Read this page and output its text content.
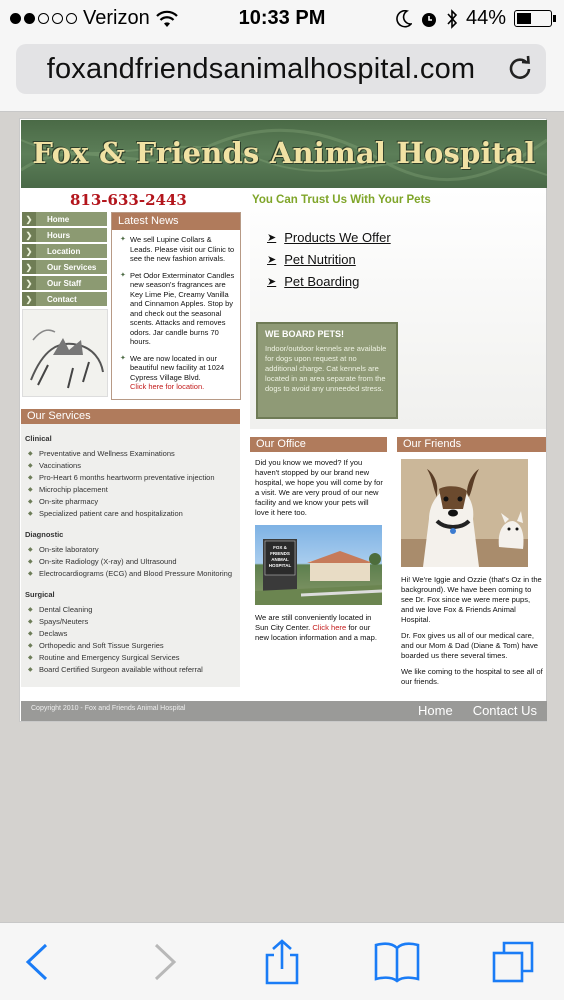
Verizon	10:33 PM	44%
foxandfriendsanimalhospital.com
Fox & Friends Animal Hospital
813-633-2443
❯	Home
❯	Hours
❯	Location
❯	Our Services
❯	Our Staff
❯	Contact
Latest News
✦ We sell Lupine Collars & Leads. Please visit our Clinic to see the new fashion arrivals.
✦ Pet Odor Exterminator Candles new season's fragrances are Key Lime Pie, Creamy Vanilla and Cinnamon Apples. Stop by and check out the seasonal scents. Attacks and removes odors. Jar candle burns 70 hours.
✦ We are now located in our beautiful new facility at 1024 Cypress Village Blvd.
Click here for location.
Our Services
Clinical
◆ Preventative and Wellness Examinations
◆ Vaccinations
◆ Pro-Heart 6 months heartworm preventative injection
◆ Microchip placement
◆ On-site pharmacy
◆ Specialized patient care and hospitalization
Diagnostic
◆ On-site laboratory
◆ On-site Radiology (X-ray) and Ultrasound
◆ Electrocardiograms (ECG) and Blood Pressure Monitoring
Surgical
◆ Dental Cleaning
◆ Spays/Neuters
◆ Declaws
◆ Orthopedic and Soft Tissue Surgeries
◆ Routine and Emergency Surgical Services
◆ Board Certified Surgeon available without referral
You Can Trust Us With Your Pets
➤ Products We Offer
➤ Pet Nutrition
➤ Pet Boarding
WE BOARD PETS!
Indoor/outdoor kennels are available for dogs upon request at no additional charge. Cat kennels are located in an area separate from the dogs to avoid any unneeded stress.
Our Office
Did you know we moved? If you haven't stopped by our brand new hospital, we hope you will come by for a visit. We are very proud of our new facility and we know your pets will love it here too.
FOX & FRIENDS ANIMAL HOSPITAL
We are still conveniently located in Sun City Center. Click here for our new location information and a map.
Our Friends

Hi! We're Iggie and Ozzie (that's Oz in the background). We have been coming to see Dr. Fox since we were mere pups, and we love Fox & Friends Animal Hospital.

Dr. Fox gives us all of our medical care, and our Mom & Dad (Diane & Tom) have boarded us there several times.

We like coming to the hospital to see all of our friends.

Copyright 2010 - Fox and Friends Animal Hospital	Home Contact Us
